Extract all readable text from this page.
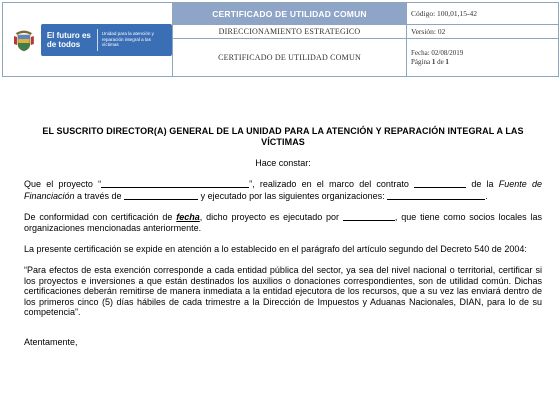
El futuro es de todos
Unidad para la atención y reparación integral a las víctimas	CERTIFICADO DE UTILIDAD COMUN	Código: 100,01,15-42
	DIRECCIONAMIENTO ESTRATEGICO	Versión: 02
	CERTIFICADO DE UTILIDAD COMUN	Fecha: 02/08/2019
Página 1 de 1
EL SUSCRITO DIRECTOR(A) GENERAL DE LA UNIDAD PARA LA ATENCIÓN Y REPARACIÓN INTEGRAL A LAS VÍCTIMAS
Hace constar:
Que el proyecto “	”, realizado en el marco del contrato	de la Fuente de Financiación a través de	y ejecutado por las siguientes organizaciones:	.
De conformidad con certificación de fecha, dicho proyecto es ejecutado por	, que tiene como socios locales las organizaciones mencionadas anteriormente.
La presente certificación se expide en atención a lo establecido en el parágrafo del artículo segundo del Decreto 540 de 2004:
“Para efectos de esta exención corresponde a cada entidad pública del sector, ya sea del nivel nacional o territorial, certificar si los proyectos e inversiones a que están destinados los auxilios o donaciones correspondientes, son de utilidad común. Dichas certificaciones deberán remitirse de manera inmediata a la entidad ejecutora de los recursos, que a su vez las enviará dentro de los primeros cinco (5) días hábiles de cada trimestre a la Dirección de Impuestos y Aduanas Nacionales, DIAN, para lo de su competencia”.
Atentamente,
